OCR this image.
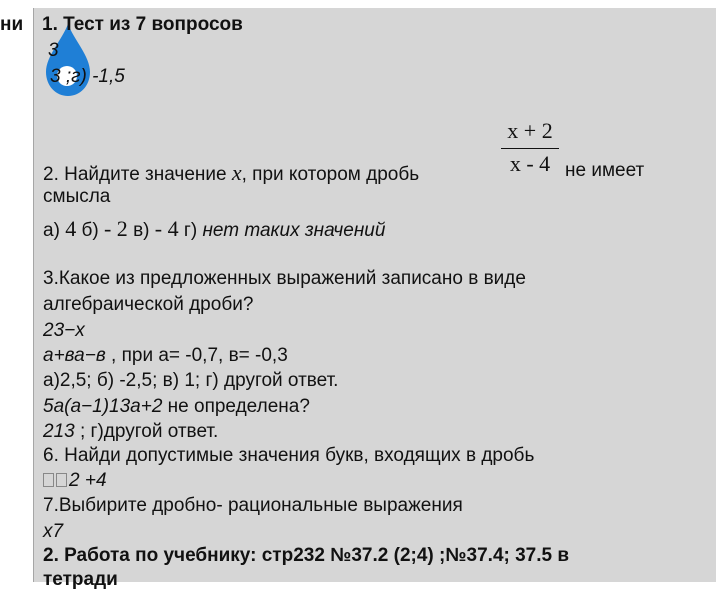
ни 1. Тест из 7 вопросов
3
3 ;г) -1,5
$\frac{x + 2}{x - 4}$
2. Найдите значение x, при котором дробь	не имеет
смысла
а) 4 б) - 2 в) - 4 г) нет таких значений
3.Какое из предложенных выражений записано в виде
алгебраической дроби?
23−x
a+ва−в , при а= -0,7, в= -0,3
а)2,5; б) -2,5; в) 1; г) другой ответ.
5a(a−1)13a+2 не определена?
213 ; г)другой ответ.
6. Найди допустимые значения букв, входящих в дробь
2 +4
7.Выбирите дробно- рациональные выражения
x7
2. Работа по учебнику: стр232 №37.2 (2;4) ;№37.4; 37.5 в
тетради
